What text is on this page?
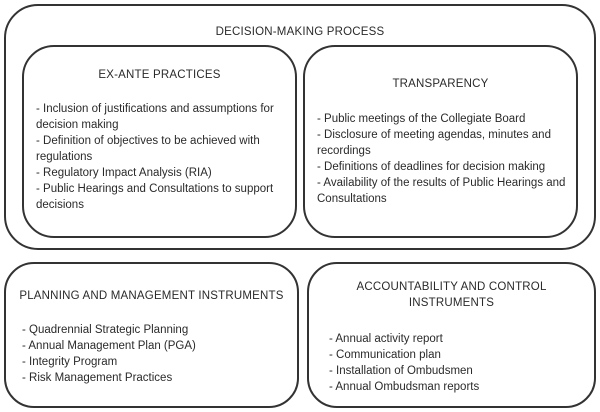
DECISION-MAKING PROCESS
EX-ANTE PRACTICES
- Inclusion of justifications and assumptions for decision making
- Definition of objectives to be achieved with regulations
- Regulatory Impact Analysis (RIA)
- Public Hearings and Consultations to support decisions
TRANSPARENCY
- Public meetings of the Collegiate Board
- Disclosure of meeting agendas, minutes and recordings
- Definitions of deadlines for decision making
- Availability of the results of Public Hearings and Consultations
PLANNING AND MANAGEMENT INSTRUMENTS
- Quadrennial Strategic Planning
- Annual Management Plan (PGA)
- Integrity Program
- Risk Management Practices
ACCOUNTABILITY AND CONTROL INSTRUMENTS
- Annual activity report
- Communication plan
- Installation of Ombudsmen
- Annual Ombudsman reports
